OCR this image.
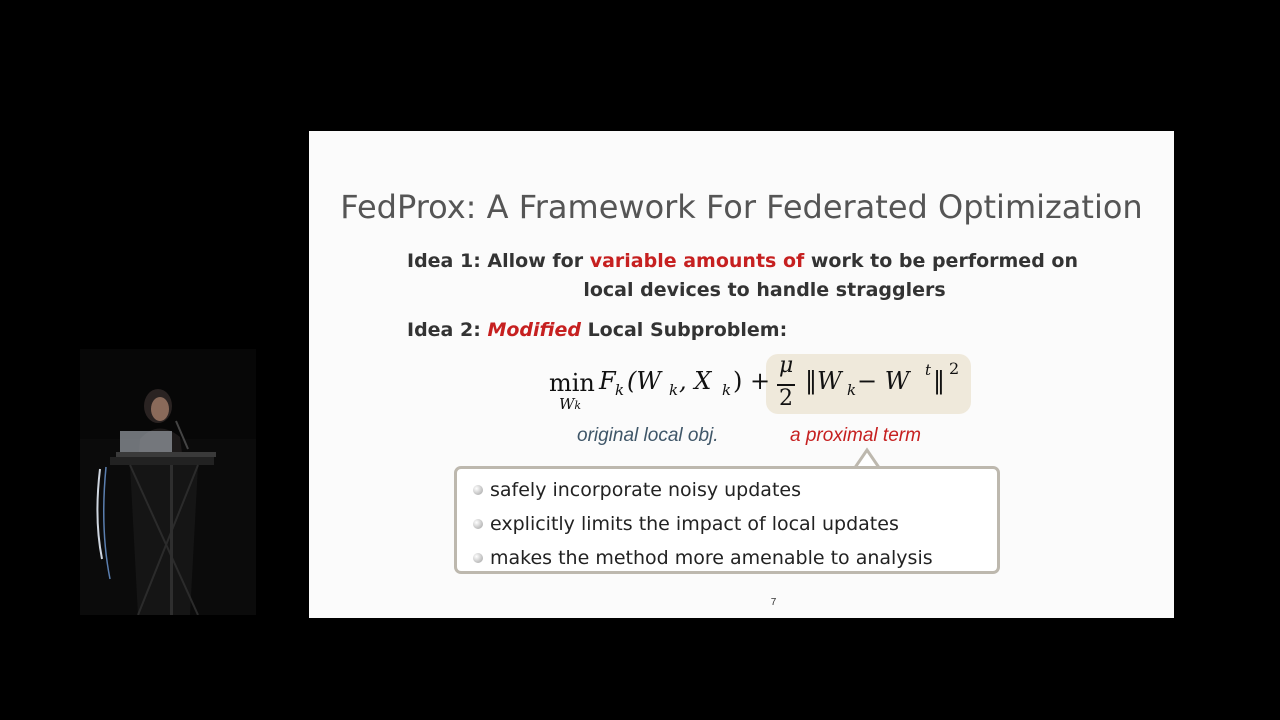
FedProx: A Framework For Federated Optimization
Idea 1: Allow for variable amounts of work to be performed on
local devices to handle stragglers
Idea 2: Modified Local Subproblem:
min
Wk
F k (W k , X k ) +
μ
2
‖W k − W t ‖ 2
original local obj.	a proximal term
safely incorporate noisy updates
explicitly limits the impact of local updates
makes the method more amenable to analysis
7
